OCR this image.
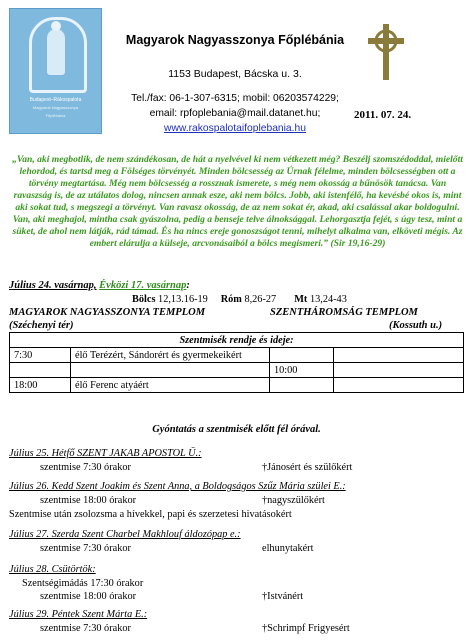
Budapest–Rákospalota
Magyarok Nagyasszonya
Főplébánia
Magyarok Nagyasszonya Főplébánia
1153 Budapest, Bácska u. 3.
Tel./fax: 06-1-307-6315; mobil: 06203574229;
email: rpfoplebania@mail.datanet.hu;
www.rakospalotaifoplebania.hu
2011. 07. 24.
„Van, aki megbotlik, de nem szándékosan, de hát a nyelvével ki nem vétkezett még? Beszélj szomszédoddal, mielőtt lehordod, és tartsd meg a Fölséges törvényét. Minden bölcsesség az Úrnak félelme, minden bölcsességben ott a törvény megtartása. Még nem bölcsesség a rosszнak ismerete, s még nem okosság a bűnösök tanácsa. Van ravaszság is, de az utálatos dolog, nincsen annak esze, aki nem bölcs. Jobb, aki istenfélő, ha kevésbé okos is, mint aki sokat tud, s megszegi a törvényt. Van ravasz okosság, de az nem sokat ér, akad, aki csalással akar boldogulni. Van, aki meghajol, mintha csak gyászolna, pedig a benseje telve álnoksággal. Lehorgasztja fejét, s úgy tesz, mint a süket, de ahol nem látják, rád támad. És ha nincs ereje gonoszságot tenni, mihelyt alkalma van, elköveti mégis. Az embert elárulja a külseje, arcvonásaiból a bölcs megismeri.” (Sir 19,16-29)
Július 24. vasárnap, Évközi 17. vasárnap:
Bölcs 12,13.16-19 Róm 8,26-27 Mt 13,24-43
MAGYAROK NAGYASSZONYA TEMPLOM	SZENTHÁROMSÁG TEMPLOM
(Széchenyi tér)	(Kossuth u.)
Szentmisék rendje és ideje:			
7:30	élő Terézért, Sándorért és gyermekeikért		
		10:00	
18:00	élő Ferenc atyáért		
Gyóntatás a szentmisék előtt fél órával.
Július 25. Hétfő SZENT JAKAB APOSTOL Ü.:
szentmise 7:30 órakor	†Jánosért és szülőkért
Július 26. Kedd Szent Joakim és Szent Anna, a Boldogságos Szűz Mária szülei E.:
szentmise 18:00 órakor	†nagyszülőkért
Szentmise után zsolozsma a hívekkel, papi és szerzetesi hivatásokért
Július 27. Szerda Szent Charbel Makhlouf áldozópap e.:
szentmise 7:30 órakor	elhunytakért
Július 28. Csütörtök:
Szentségimádás 17:30 órakor
szentmise 18:00 órakor	†Istvánért
Július 29. Péntek Szent Márta E.:
szentmise 7:30 órakor	†Schrimpf Frigyesért
